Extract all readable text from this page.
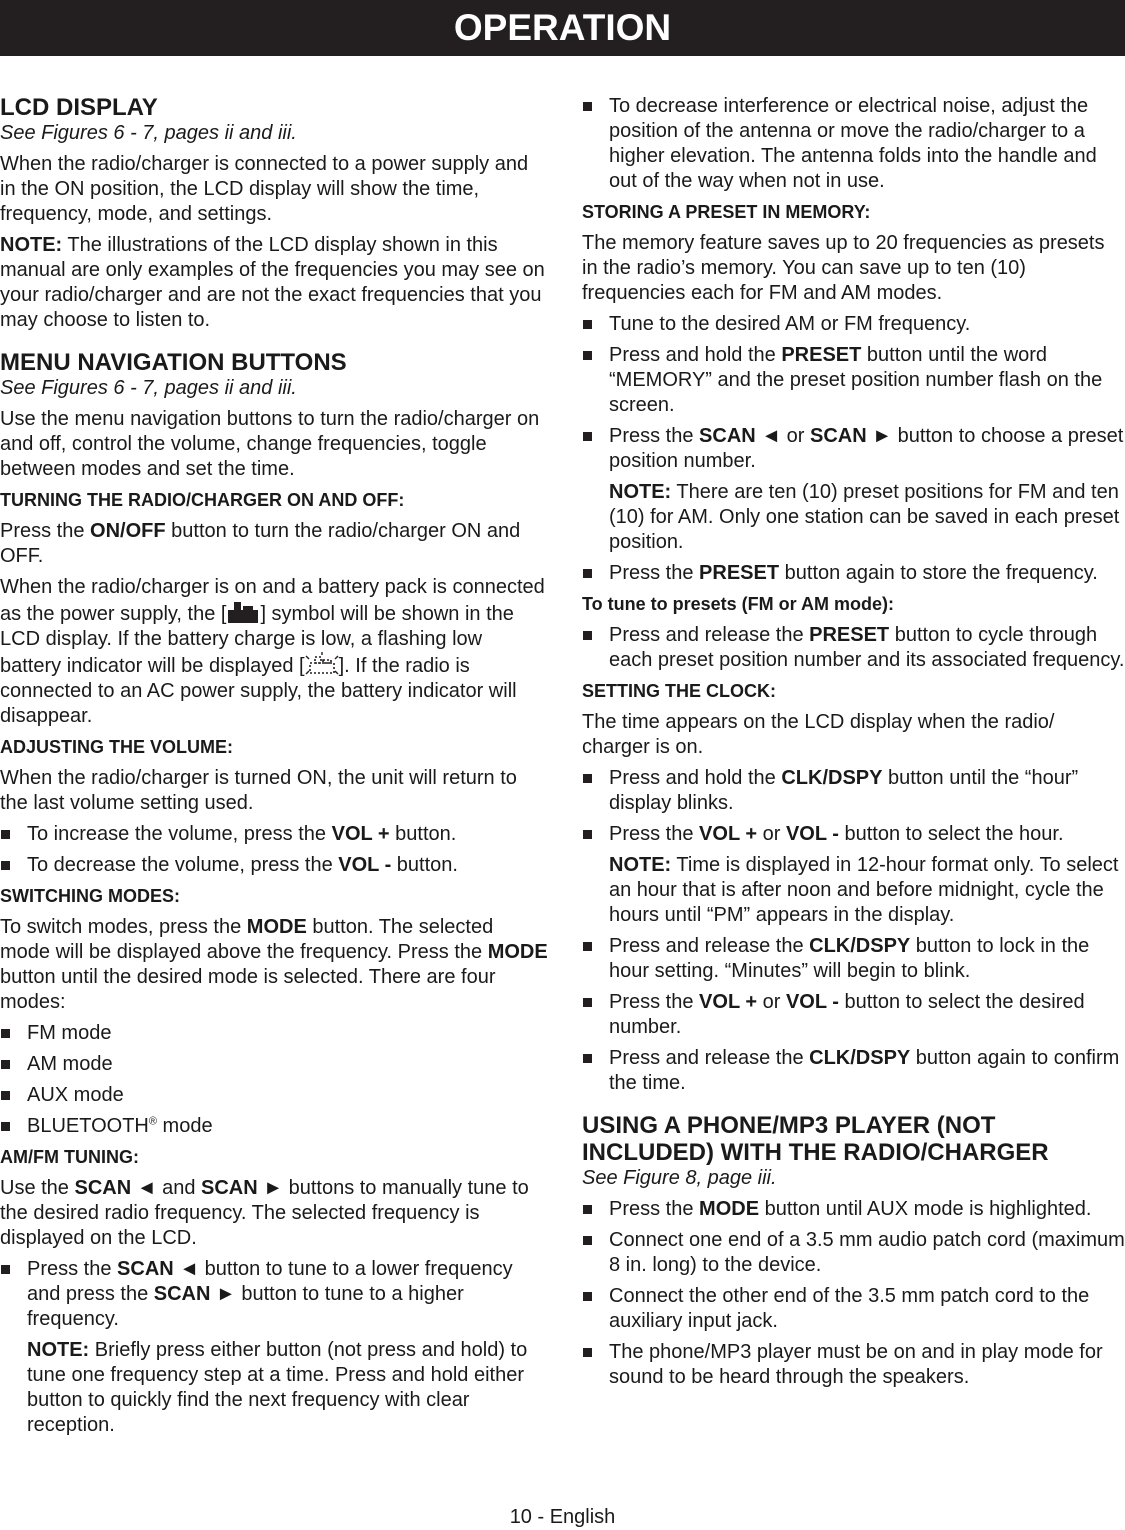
OPERATION
LCD DISPLAY
See Figures 6 - 7, pages ii and iii.

When the radio/charger is connected to a power supply and in the ON position, the LCD display will show the time, frequency, mode, and settings.

NOTE: The illustrations of the LCD display shown in this manual are only examples of the frequencies you may see on your radio/charger and are not the exact frequencies that you may choose to listen to.

MENU NAVIGATION BUTTONS
See Figures 6 - 7, pages ii and iii.

Use the menu navigation buttons to turn the radio/charger on and off, control the volume, change frequencies, toggle between modes and set the time.

TURNING THE RADIO/CHARGER ON AND OFF:

Press the ON/OFF button to turn the radio/charger ON and OFF.

When the radio/charger is on and a battery pack is connected as the power supply, the [ ] symbol will be shown in the LCD display. If the battery charge is low, a flashing low battery indicator will be displayed [ ]. If the radio is connected to an AC power supply, the battery indicator will disappear.

ADJUSTING THE VOLUME:

When the radio/charger is turned ON, the unit will return to the last volume setting used.

To increase the volume, press the VOL + button.
To decrease the volume, press the VOL - button.
SWITCHING MODES:

To switch modes, press the MODE button. The selected mode will be displayed above the frequency. Press the MODE button until the desired mode is selected. There are four modes:

FM mode
AM mode
AUX mode
BLUETOOTH® mode
AM/FM TUNING:

Use the SCAN ◄ and SCAN ► buttons to manually tune to the desired radio frequency. The selected frequency is displayed on the LCD.

Press the SCAN ◄ button to tune to a lower frequency and press the SCAN ► button to tune to a higher frequency.

NOTE: Briefly press either button (not press and hold) to tune one frequency step at a time. Press and hold either button to quickly find the next frequency with clear reception.

To decrease interference or electrical noise, adjust the position of the antenna or move the radio/charger to a higher elevation. The antenna folds into the handle and out of the way when not in use.
STORING A PRESET IN MEMORY:

The memory feature saves up to 20 frequencies as presets in the radio’s memory. You can save up to ten (10) frequencies each for FM and AM modes.

Tune to the desired AM or FM frequency.
Press and hold the PRESET button until the word “MEMORY” and the preset position number flash on the screen.
Press the SCAN ◄ or SCAN ► button to choose a preset position number.

NOTE: There are ten (10) preset positions for FM and ten (10) for AM. Only one station can be saved in each preset position.

Press the PRESET button again to store the frequency.
To tune to presets (FM or AM mode):
Press and release the PRESET button to cycle through each preset position number and its associated frequency.
SETTING THE CLOCK:

The time appears on the LCD display when the radio/ charger is on.

Press and hold the CLK/DSPY button until the “hour” display blinks.
Press the VOL + or VOL - button to select the hour.

NOTE: Time is displayed in 12-hour format only. To select an hour that is after noon and before midnight, cycle the hours until “PM” appears in the display.

Press and release the CLK/DSPY button to lock in the hour setting. “Minutes” will begin to blink.
Press the VOL + or VOL - button to select the desired number.
Press and release the CLK/DSPY button again to confirm the time.
USING A PHONE/MP3 PLAYER (NOT INCLUDED) WITH THE RADIO/CHARGER
See Figure 8, page iii.
Press the MODE button until AUX mode is highlighted.
Connect one end of a 3.5 mm audio patch cord (maximum 8 in. long) to the device.
Connect the other end of the 3.5 mm patch cord to the auxiliary input jack.
The phone/MP3 player must be on and in play mode for sound to be heard through the speakers.
10 - English
